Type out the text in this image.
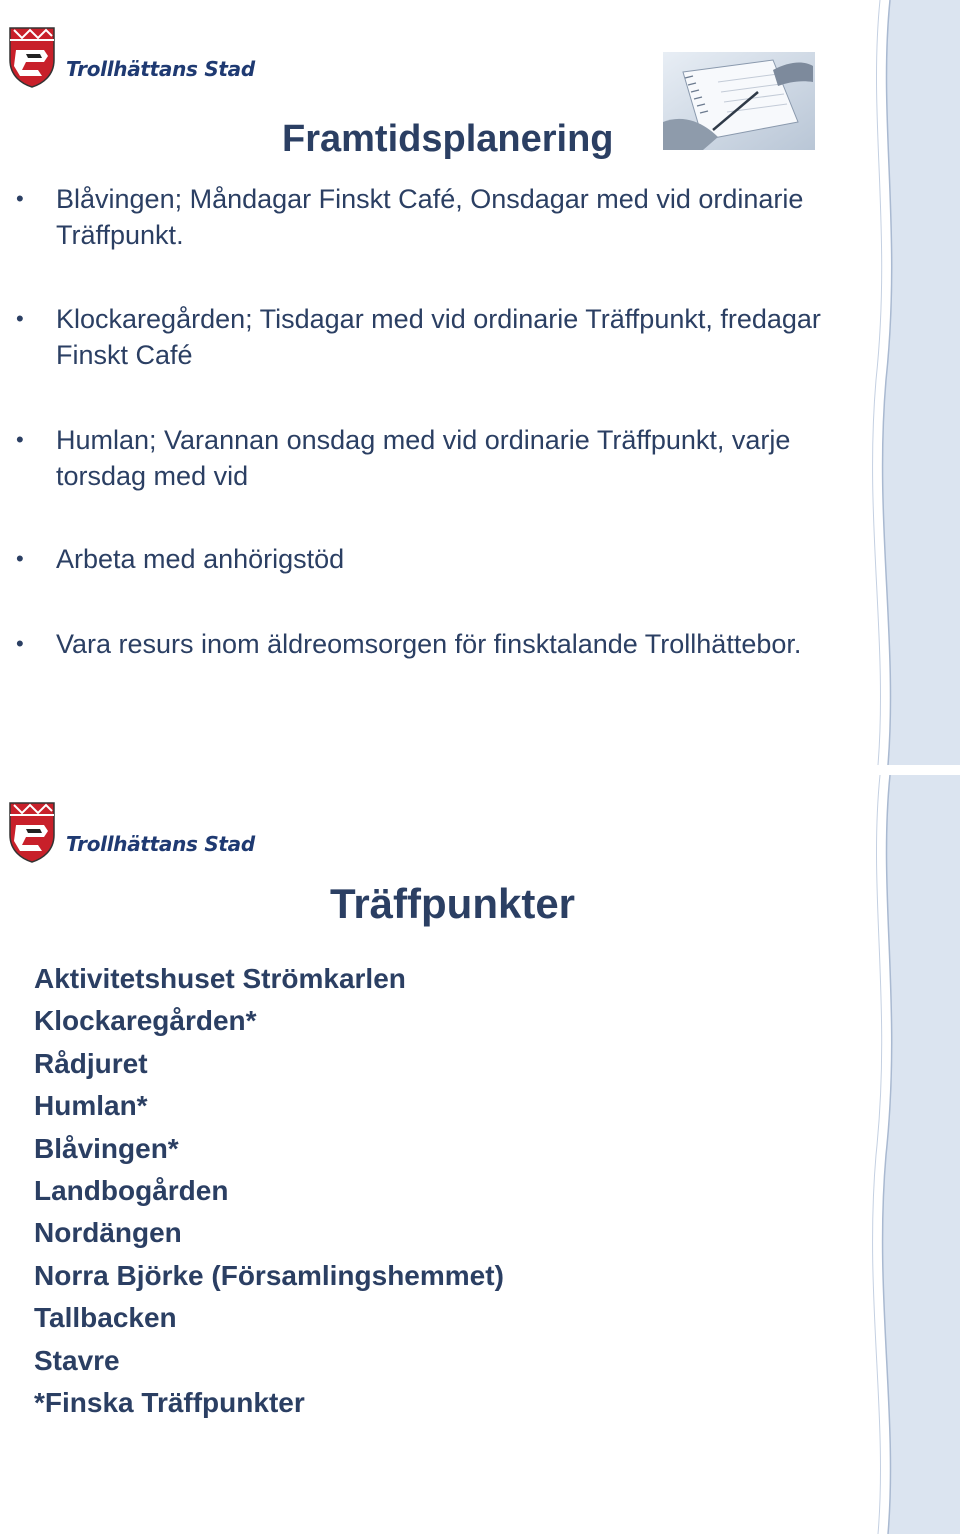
Trollhättans Stad
Framtidsplanering
• Blåvingen; Måndagar Finskt Café, Onsdagar med vid ordinarie Träffpunkt.
• Klockaregården; Tisdagar med vid ordinarie Träffpunkt, fredagar Finskt Café
• Humlan; Varannan onsdag med vid ordinarie Träffpunkt, varje torsdag med vid
• Arbeta med anhörigstöd
• Vara resurs inom äldreomsorgen för finsktalande Trollhättebor.
Trollhättans Stad
Träffpunkter
Aktivitetshuset Strömkarlen
Klockaregården*
Rådjuret
Humlan*
Blåvingen*
Landbogården
Nordängen
Norra Björke (Församlingshemmet)
Tallbacken
Stavre
*Finska Träffpunkter
